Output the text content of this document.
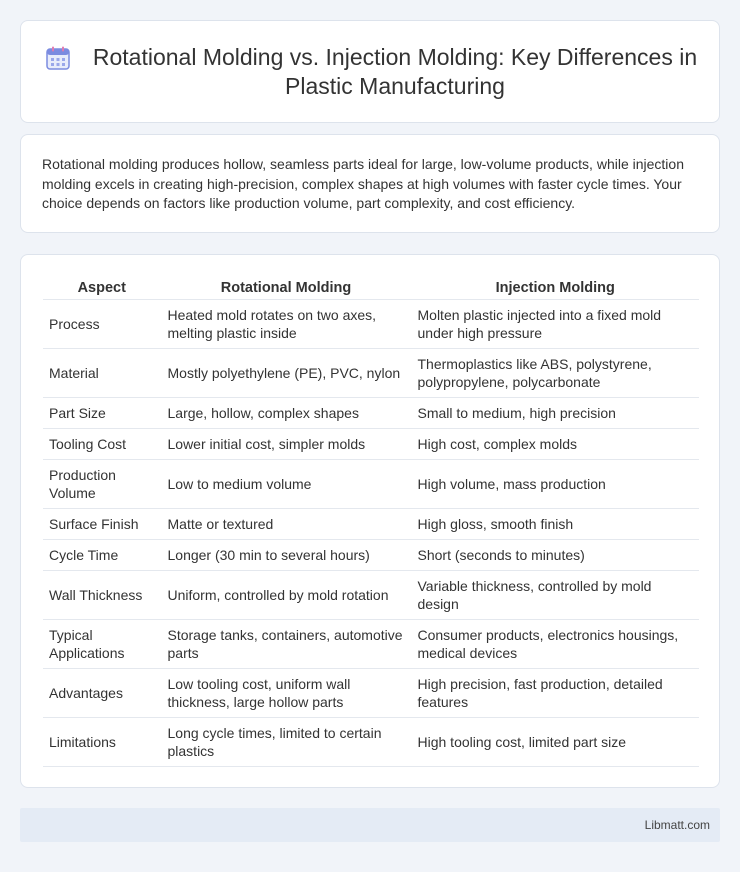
Rotational Molding vs. Injection Molding: Key Differences in Plastic Manufacturing

Rotational molding produces hollow, seamless parts ideal for large, low-volume products, while injection molding excels in creating high-precision, complex shapes at high volumes with faster cycle times. Your choice depends on factors like production volume, part complexity, and cost efficiency.

Aspect	Rotational Molding	Injection Molding
Process	Heated mold rotates on two axes, melting plastic inside	Molten plastic injected into a fixed mold under high pressure
Material	Mostly polyethylene (PE), PVC, nylon	Thermoplastics like ABS, polystyrene, polypropylene, polycarbonate
Part Size	Large, hollow, complex shapes	Small to medium, high precision
Tooling Cost	Lower initial cost, simpler molds	High cost, complex molds
Production Volume	Low to medium volume	High volume, mass production
Surface Finish	Matte or textured	High gloss, smooth finish
Cycle Time	Longer (30 min to several hours)	Short (seconds to minutes)
Wall Thickness	Uniform, controlled by mold rotation	Variable thickness, controlled by mold design
Typical Applications	Storage tanks, containers, automotive parts	Consumer products, electronics housings, medical devices
Advantages	Low tooling cost, uniform wall thickness, large hollow parts	High precision, fast production, detailed features
Limitations	Long cycle times, limited to certain plastics	High tooling cost, limited part size
Libmatt.com
